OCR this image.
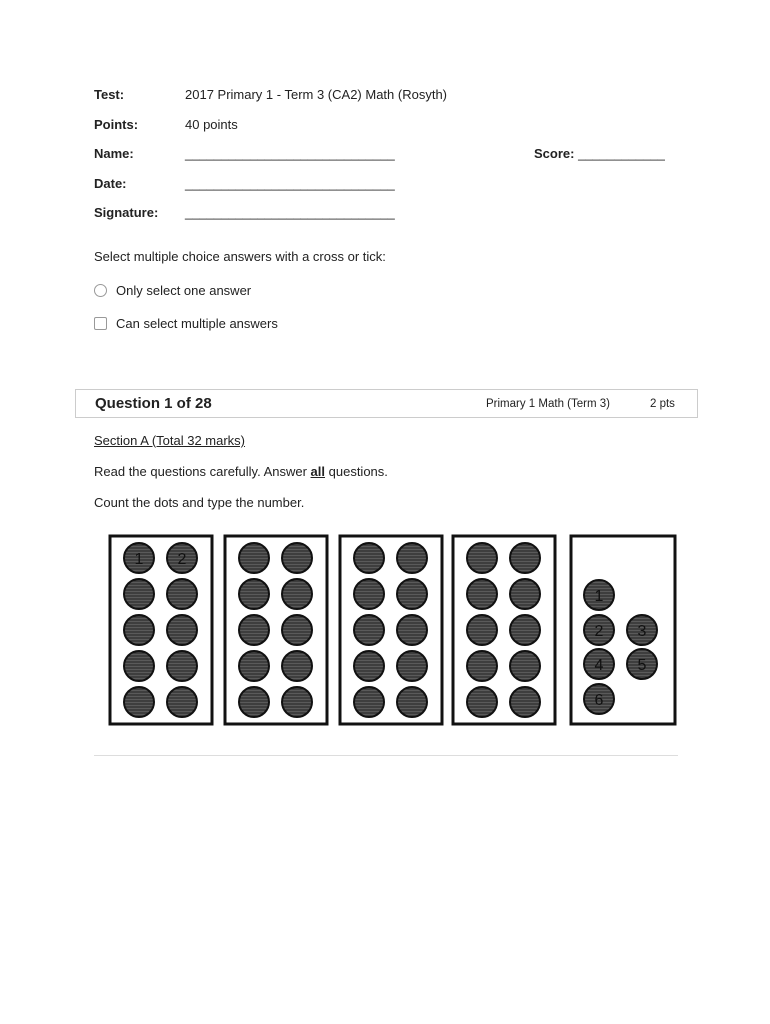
Test:	2017 Primary 1 - Term 3 (CA2) Math (Rosyth)
Points:	40 points
Name:	_____________________________	Score: ____________
Date:	_____________________________
Signature: _____________________________
Select multiple choice answers with a cross or tick:
Only select one answer
Can select multiple answers
Question 1 of 28	Primary 1 Math (Term 3)	2 pts
Section A (Total 32 marks)
Read the questions carefully. Answer all questions.
Count the dots and type the number.
1 2
1
2 3
4 5
6
